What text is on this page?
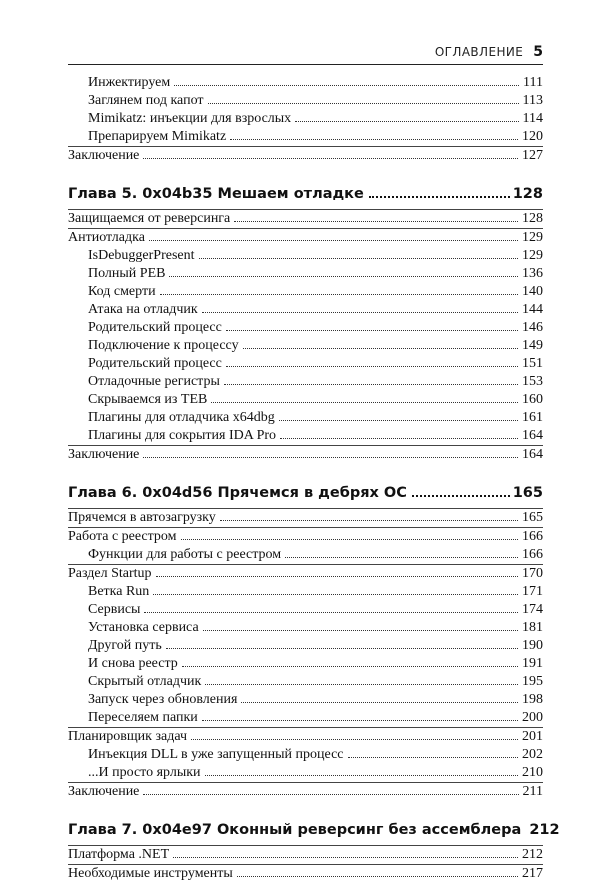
ОГЛАВЛЕНИЕ 5
Инжектируем	111
Заглянем под капот	113
Mimikatz: инъекции для взрослых	114
Препарируем Mimikatz	120
Заключение	127
Глава 5. 0x04b35 Мешаем отладке	128
Защищаемся от реверсинга	128
Антиотладка	129
IsDebuggerPresent	129
Полный PEB	136
Код смерти	140
Атака на отладчик	144
Родительский процесс	146
Подключение к процессу	149
Родительский процесс	151
Отладочные регистры	153
Скрываемся из TEB	160
Плагины для отладчика x64dbg	161
Плагины для сокрытия IDA Pro	164
Заключение	164
Глава 6. 0x04d56 Прячемся в дебрях ОС	165
Прячемся в автозагрузку	165
Работа с реестром	166
Функции для работы с реестром	166
Раздел Startup	170
Ветка Run	171
Сервисы	174
Установка сервиса	181
Другой путь	190
И снова реестр	191
Скрытый отладчик	195
Запуск через обновления	198
Переселяем папки	200
Планировщик задач	201
Инъекция DLL в уже запущенный процесс	202
...И просто ярлыки	210
Заключение	211
Глава 7. 0x04e97 Оконный реверсинг без ассемблера 212
Платформа .NET	212
Необходимые инструменты	217
